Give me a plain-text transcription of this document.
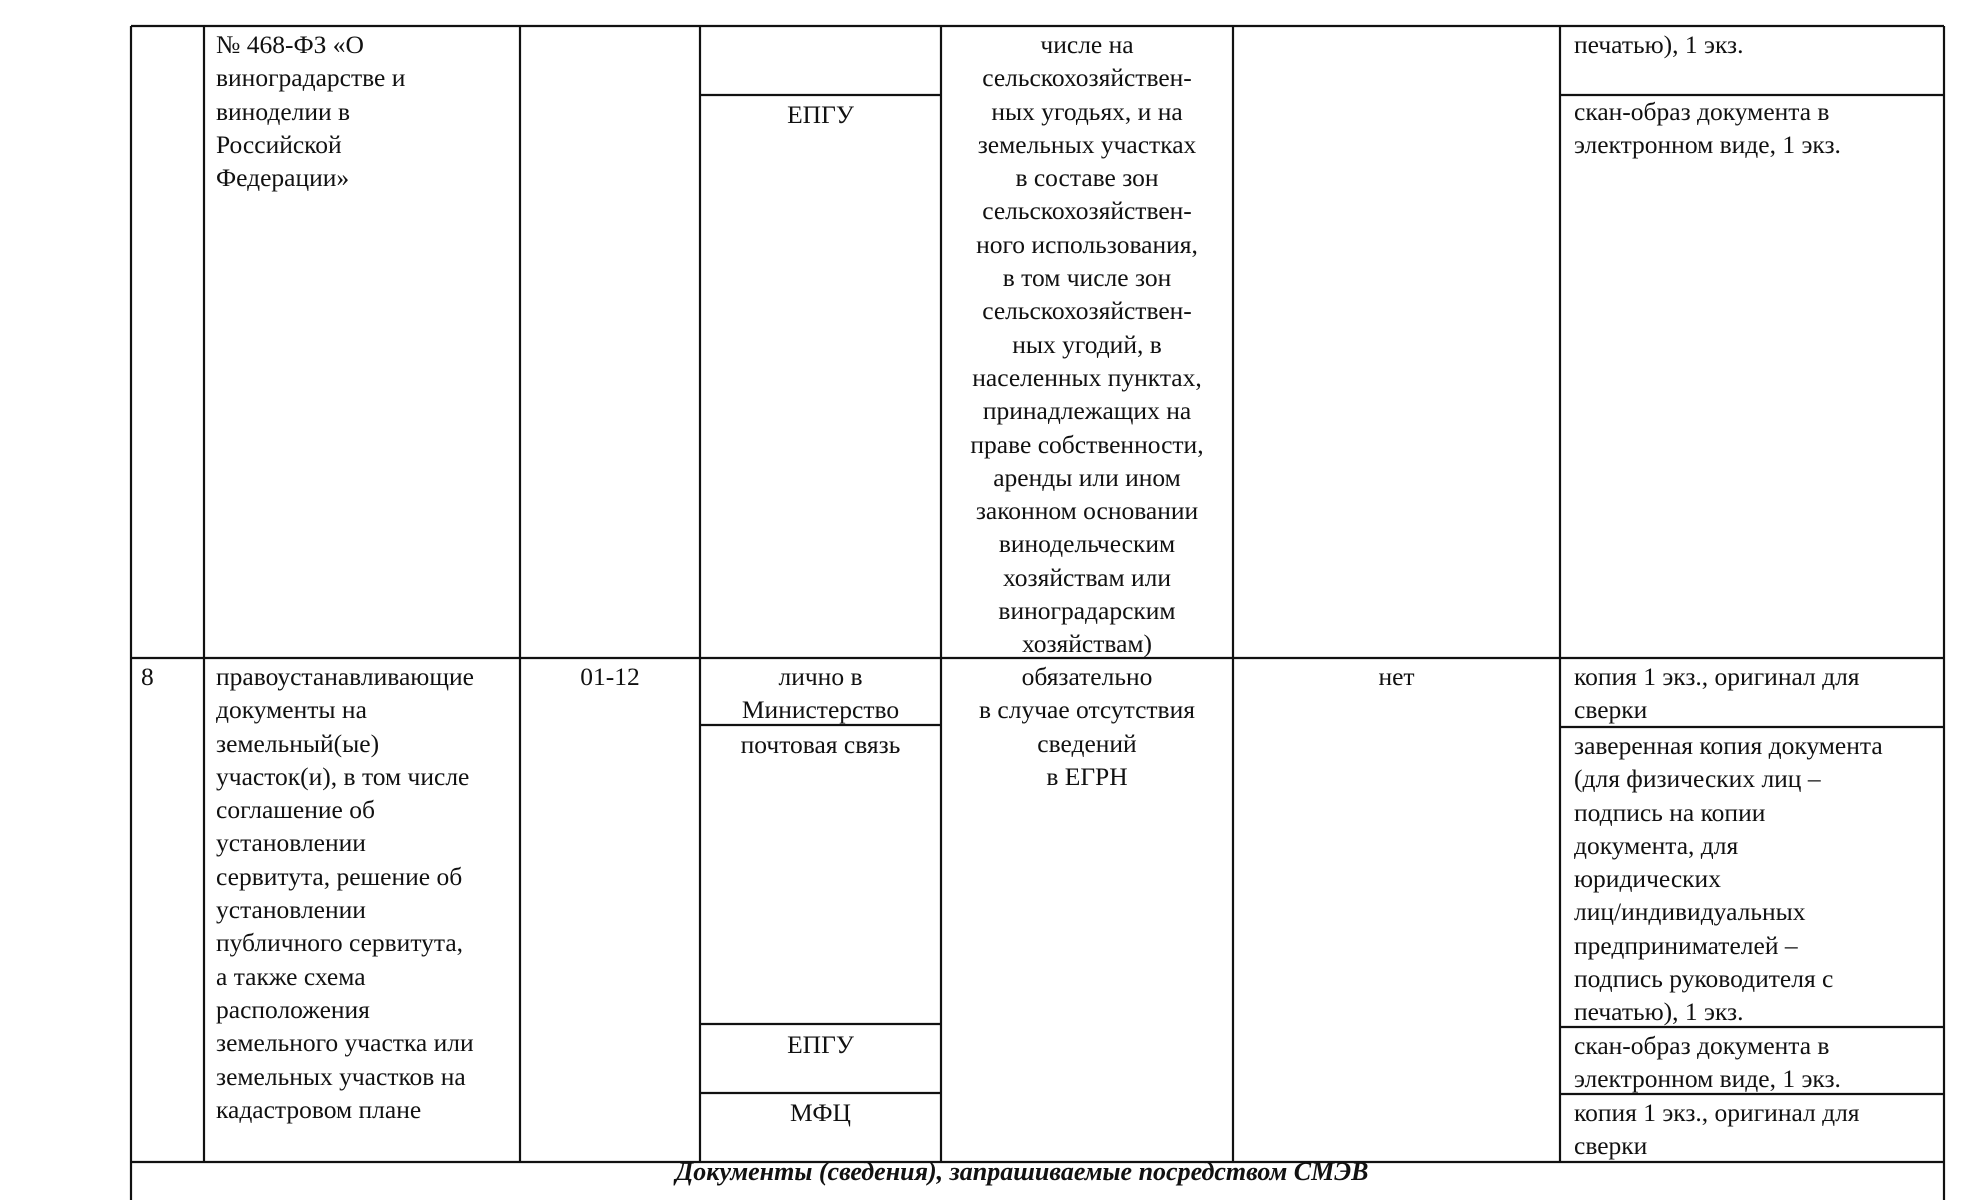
№ 468-ФЗ «О
виноградарстве и
виноделии в
Российской
Федерации»
ЕПГУ
числе на
сельскохозяйствен-
ных угодьях, и на
земельных участках
в составе зон
сельскохозяйствен-
ного использования,
в том числе зон
сельскохозяйствен-
ных угодий, в
населенных пунктах,
принадлежащих на
праве собственности,
аренды или ином
законном основании
винодельческим
хозяйствам или
виноградарским
хозяйствам)
печатью), 1 экз.
скан-образ документа в
электронном виде, 1 экз.
8 правоустанавливающие
документы на
земельный(ые)
участок(и), в том числе
соглашение об
установлении
сервитута, решение об
установлении
публичного сервитута,
а также схема
расположения
земельного участка или
земельных участков на
кадастровом плане
01-12	лично в
Министерство
почтовая связь
ЕПГУ
МФЦ
обязательно
в случае отсутствия
сведений
в ЕГРН
нет	копия 1 экз., оригинал для
сверки
заверенная копия документа
(для физических лиц –
подпись на копии
документа, для
юридических
лиц/индивидуальных
предпринимателей –
подпись руководителя с
печатью), 1 экз.
скан-образ документа в
электронном виде, 1 экз.
копия 1 экз., оригинал для
сверки
Документы (сведения), запрашиваемые посредством СМЭВ
